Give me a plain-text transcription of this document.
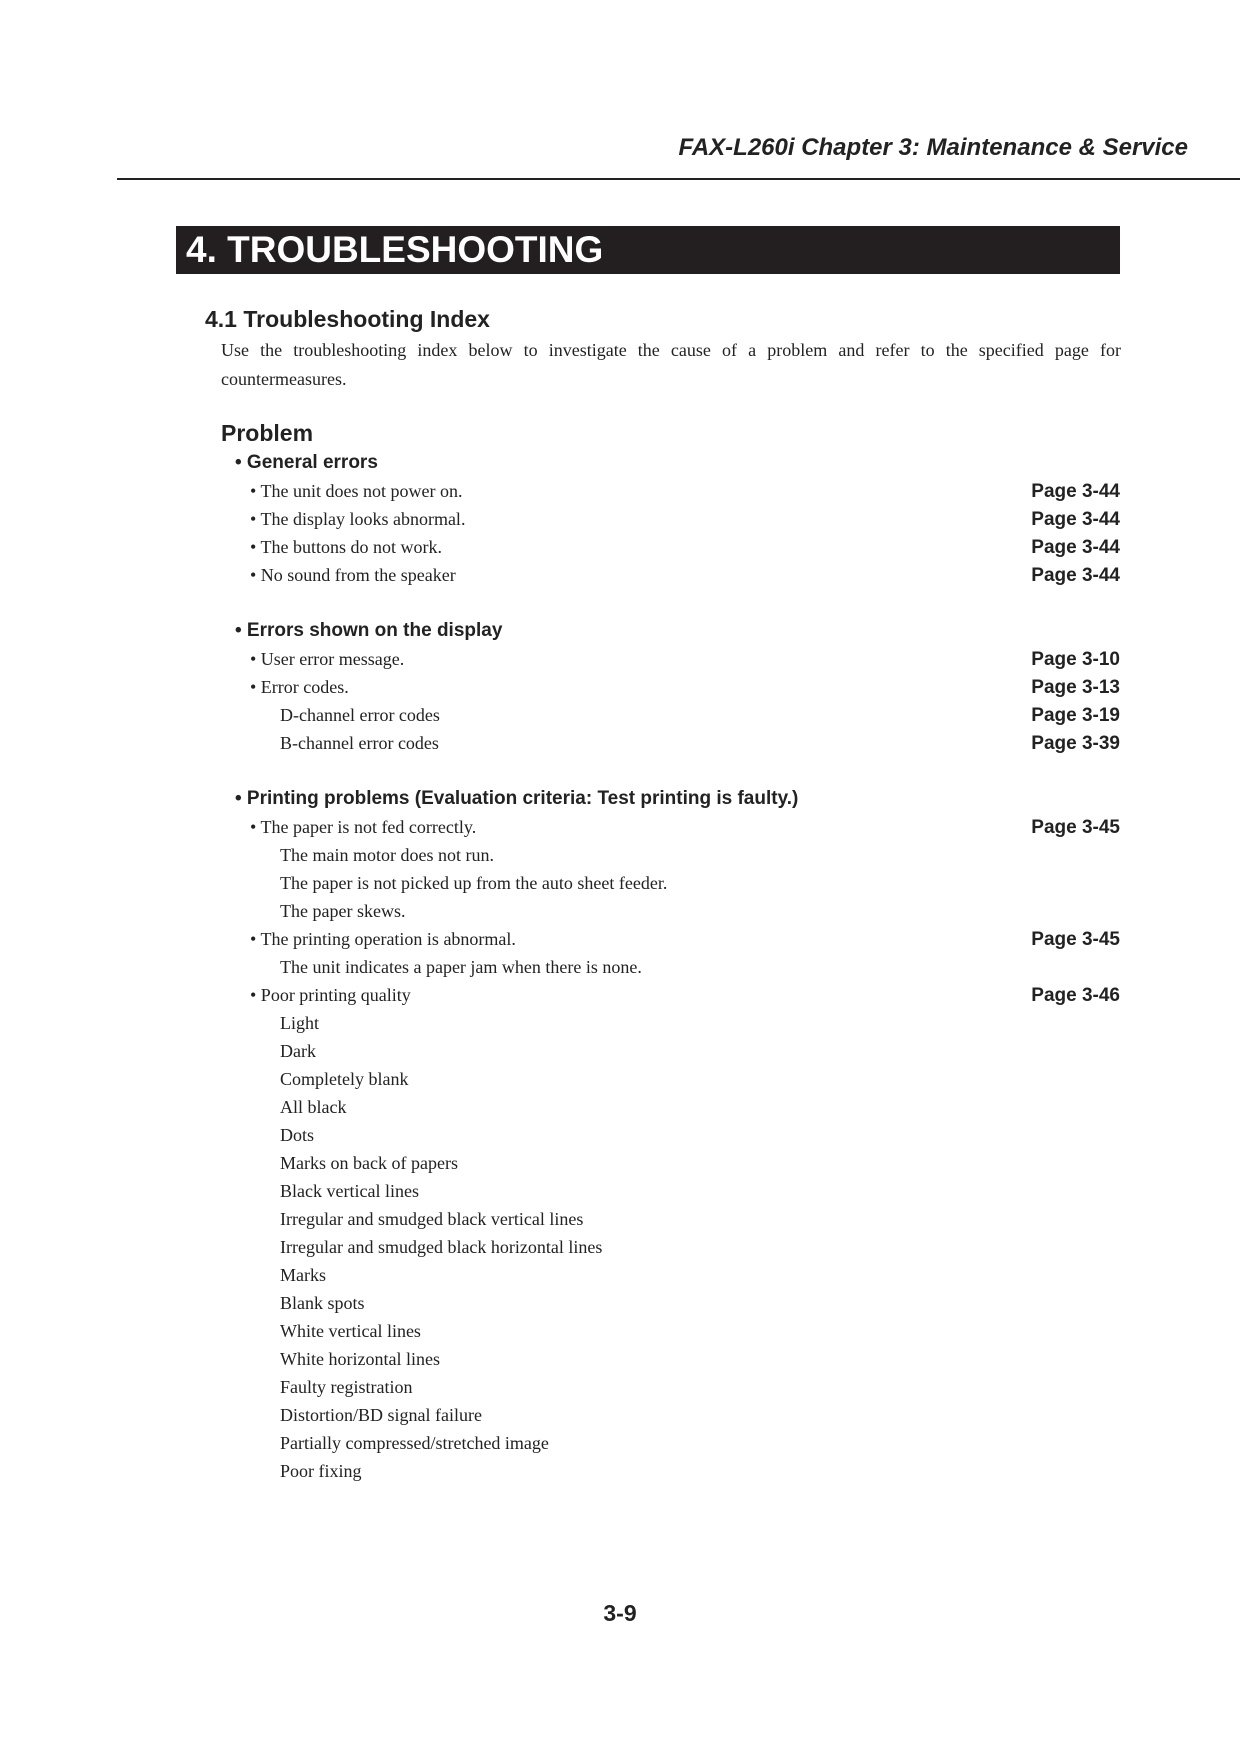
FAX-L260i Chapter 3: Maintenance & Service
4. TROUBLESHOOTING
4.1 Troubleshooting Index
Use the troubleshooting index below to investigate the cause of a problem and refer to the specified page for countermeasures.
Problem
• General errors
• The unit does not power on.	Page 3-44
• The display looks abnormal.	Page 3-44
• The buttons do not work.	Page 3-44
• No sound from the speaker	Page 3-44
• Errors shown on the display
• User error message.	Page 3-10
• Error codes.	Page 3-13
D-channel error codes	Page 3-19
B-channel error codes	Page 3-39
• Printing problems (Evaluation criteria: Test printing is faulty.)
• The paper is not fed correctly.	Page 3-45
The main motor does not run.
The paper is not picked up from the auto sheet feeder.
The paper skews.
• The printing operation is abnormal.	Page 3-45
The unit indicates a paper jam when there is none.
• Poor printing quality	Page 3-46
Light
Dark
Completely blank
All black
Dots
Marks on back of papers
Black vertical lines
Irregular and smudged black vertical lines
Irregular and smudged black horizontal lines
Marks
Blank spots
White vertical lines
White horizontal lines
Faulty registration
Distortion/BD signal failure
Partially compressed/stretched image
Poor fixing
3-9
